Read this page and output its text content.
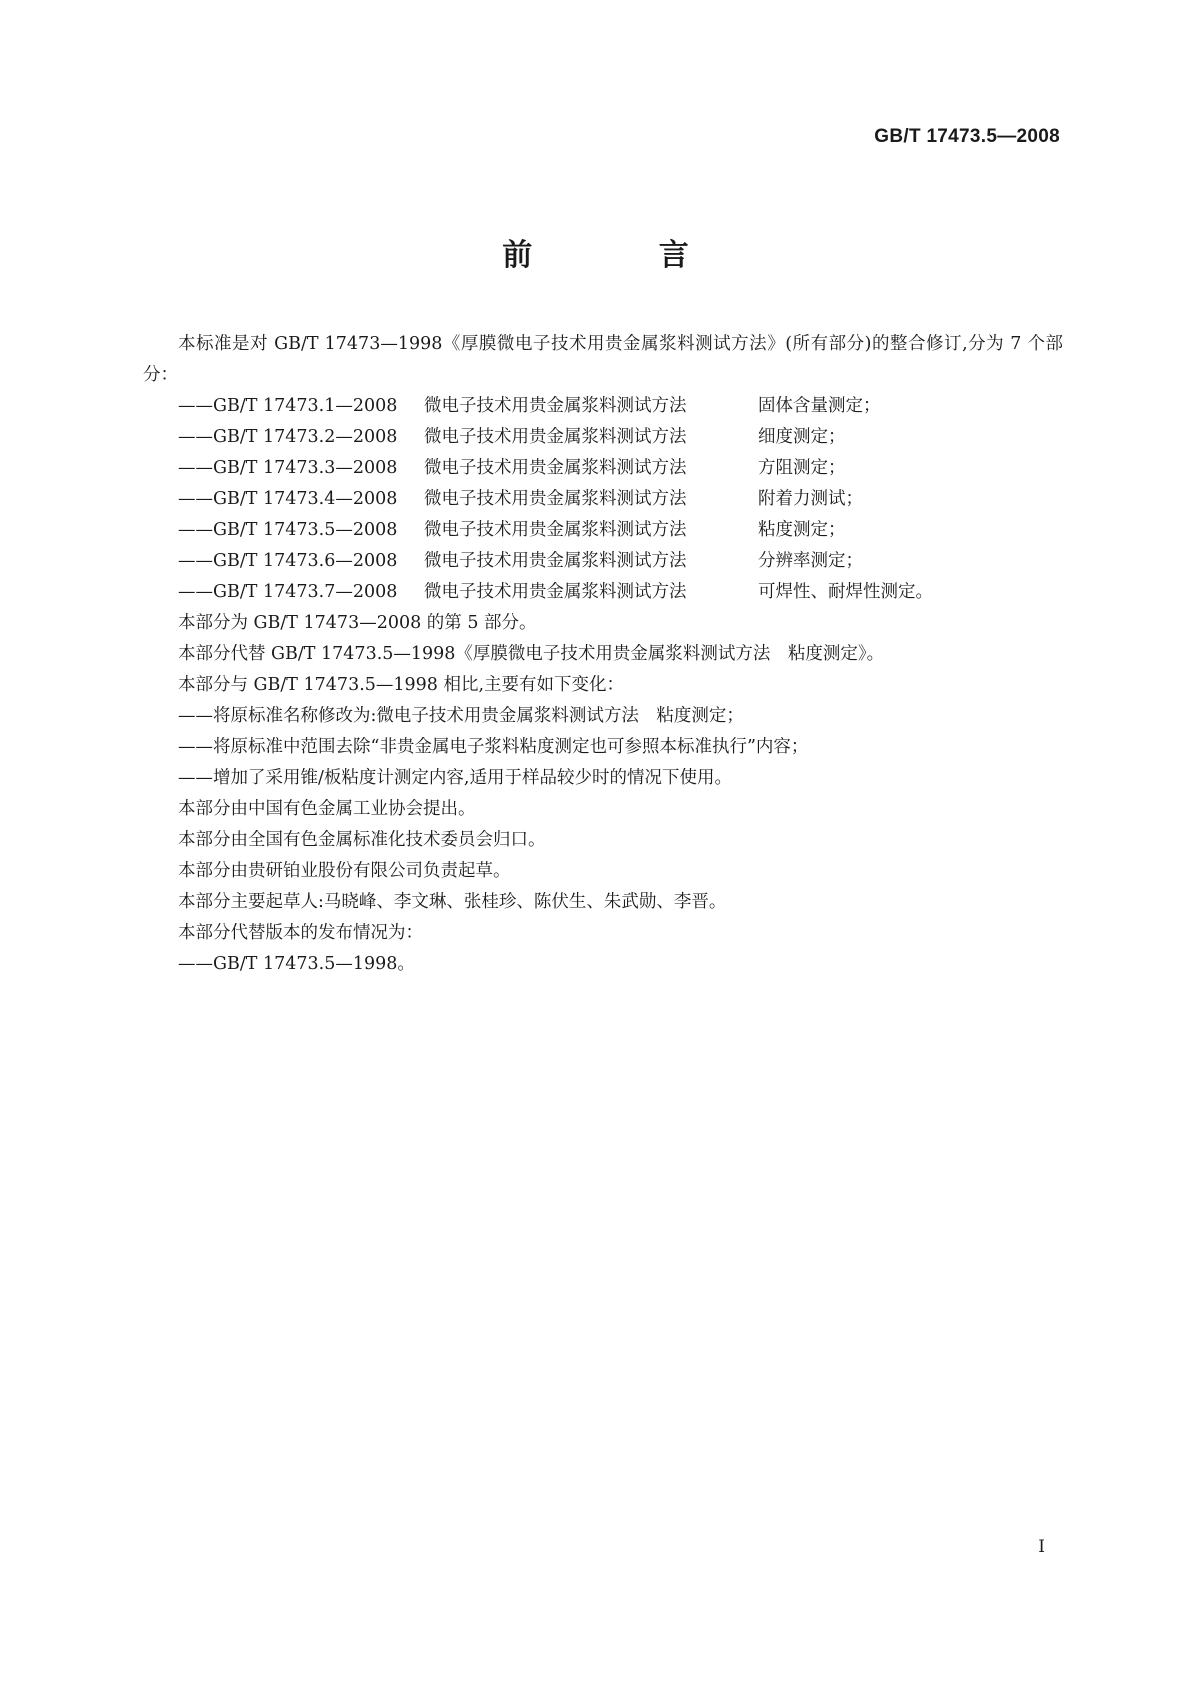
GB/T 17473.5—2008
前 言

本标准是对 GB/T 17473—1998《厚膜微电子技术用贵金属浆料测试方法》(所有部分)的整合修订,分为 7 个部分：

——GB/T 17473.1—2008	微电子技术用贵金属浆料测试方法	固体含量测定；
——GB/T 17473.2—2008	微电子技术用贵金属浆料测试方法	细度测定；
——GB/T 17473.3—2008	微电子技术用贵金属浆料测试方法	方阻测定；
——GB/T 17473.4—2008	微电子技术用贵金属浆料测试方法	附着力测试；
——GB/T 17473.5—2008	微电子技术用贵金属浆料测试方法	粘度测定；
——GB/T 17473.6—2008	微电子技术用贵金属浆料测试方法	分辨率测定；
——GB/T 17473.7—2008	微电子技术用贵金属浆料测试方法	可焊性、耐焊性测定。

本部分为 GB/T 17473—2008 的第 5 部分。

本部分代替 GB/T 17473.5—1998《厚膜微电子技术用贵金属浆料测试方法　粘度测定》。

本部分与 GB/T 17473.5—1998 相比,主要有如下变化：

——将原标准名称修改为:微电子技术用贵金属浆料测试方法　粘度测定；

——将原标准中范围去除“非贵金属电子浆料粘度测定也可参照本标准执行”内容；

——增加了采用锥/板粘度计测定内容,适用于样品较少时的情况下使用。

本部分由中国有色金属工业协会提出。

本部分由全国有色金属标准化技术委员会归口。

本部分由贵研铂业股份有限公司负责起草。

本部分主要起草人:马晓峰、李文琳、张桂珍、陈伏生、朱武勋、李晋。

本部分代替版本的发布情况为：

——GB/T 17473.5—1998。

I
